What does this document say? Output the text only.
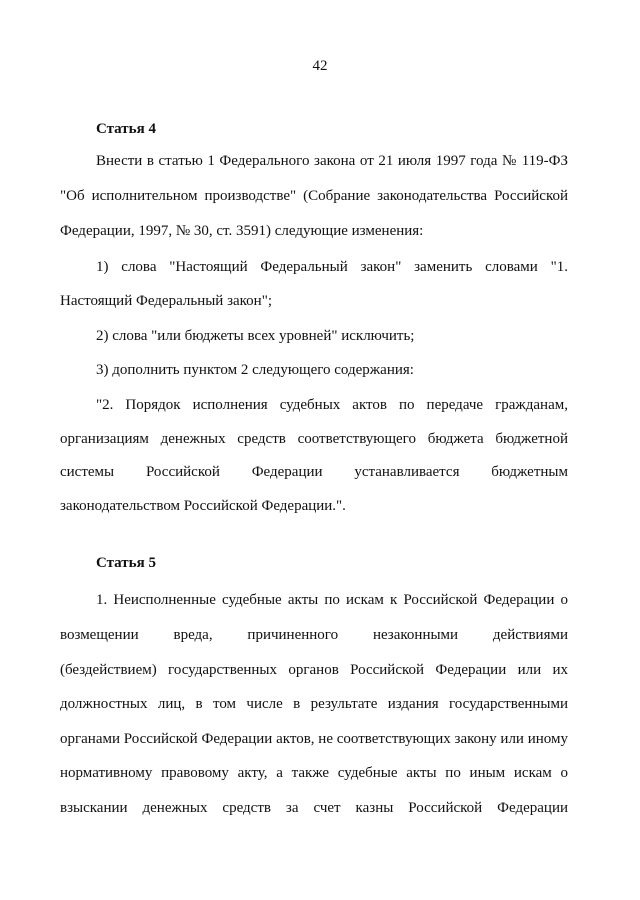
42
Статья 4
Внести в статью 1 Федерального закона от 21 июля 1997 года № 119-ФЗ
"Об исполнительном производстве" (Собрание законодательства Российской
Федерации, 1997, № 30, ст. 3591) следующие изменения:
1) слова "Настоящий Федеральный закон" заменить словами "1.
Настоящий Федеральный закон";
2) слова "или бюджеты всех уровней" исключить;
3) дополнить пунктом 2 следующего содержания:
"2. Порядок исполнения судебных актов по передаче гражданам,
организациям денежных средств соответствующего бюджета бюджетной
системы Российской Федерации устанавливается бюджетным
законодательством Российской Федерации.".
Статья 5
1. Неисполненные судебные акты по искам к Российской Федерации о
возмещении вреда, причиненного незаконными действиями
(бездействием) государственных органов Российской Федерации или их
должностных лиц, в том числе в результате издания государственными
органами Российской Федерации актов, не соответствующих закону или иному
нормативному правовому акту, а также судебные акты по иным искам о
взыскании денежных средств за счет казны Российской Федерации
